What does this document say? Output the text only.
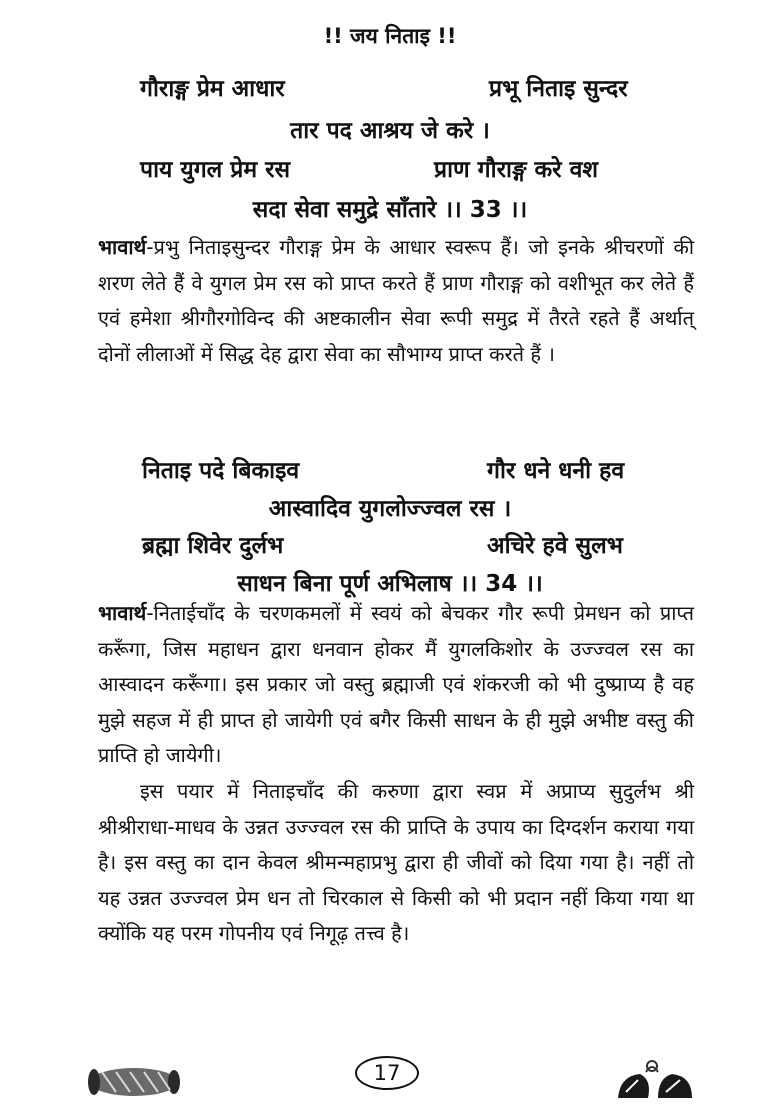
!! जय निताइ !!
गौराङ्ग प्रेम आधार	प्रभू निताइ सुन्दर
तार पद आश्रय जे करे ।
पाय युगल प्रेम रस	प्राण गौराङ्ग करे वश
सदा सेवा समुद्रे साँतारे ।। 33 ।।

भावार्थ-प्रभु निताइसुन्दर गौराङ्ग प्रेम के आधार स्वरूप हैं। जो इनके श्रीचरणों की शरण लेते हैं वे युगल प्रेम रस को प्राप्त करते हैं प्राण गौराङ्ग को वशीभूत कर लेते हैं एवं हमेशा श्रीगौरगोविन्द की अष्टकालीन सेवा रूपी समुद्र में तैरते रहते हैं अर्थात् दोनों लीलाओं में सिद्ध देह द्वारा सेवा का सौभाग्य प्राप्त करते हैं ।

निताइ पदे बिकाइव	गौर धने धनी हव
आस्वादिव युगलोज्ज्वल रस ।
ब्रह्मा शिवेर दुर्लभ	अचिरे हवे सुलभ
साधन बिना पूर्ण अभिलाष ।। 34 ।।

भावार्थ-निताईचाँद के चरणकमलों में स्वयं को बेचकर गौर रूपी प्रेमधन को प्राप्त करूँगा, जिस महाधन द्वारा धनवान होकर मैं युगलकिशोर के उज्ज्वल रस का आस्वादन करूँगा। इस प्रकार जो वस्तु ब्रह्माजी एवं शंकरजी को भी दुष्प्राप्य है वह मुझे सहज में ही प्राप्त हो जायेगी एवं बगैर किसी साधन के ही मुझे अभीष्ट वस्तु की प्राप्ति हो जायेगी।

इस पयार में निताइचाँद की करुणा द्वारा स्वप्न में अप्राप्य सुदुर्लभ श्री श्रीश्रीराधा-माधव के उन्नत उज्ज्वल रस की प्राप्ति के उपाय का दिग्दर्शन कराया गया है। इस वस्तु का दान केवल श्रीमन्महाप्रभु द्वारा ही जीवों को दिया गया है। नहीं तो यह उन्नत उज्ज्वल प्रेम धन तो चिरकाल से किसी को भी प्रदान नहीं किया गया था क्योंकि यह परम गोपनीय एवं निगूढ़ तत्त्व है।

17
